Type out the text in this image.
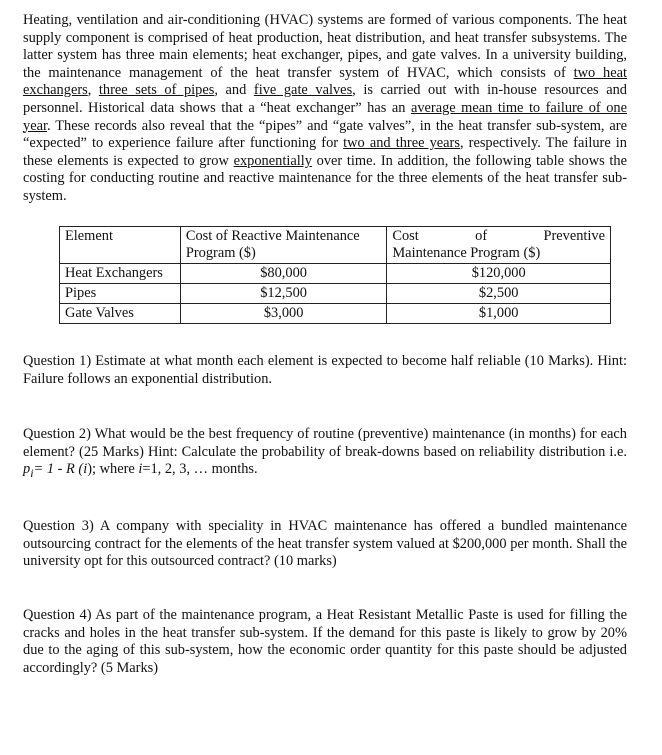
Heating, ventilation and air-conditioning (HVAC) systems are formed of various components. The heat supply component is comprised of heat production, heat distribution, and heat transfer subsystems. The latter system has three main elements; heat exchanger, pipes, and gate valves. In a university building, the maintenance management of the heat transfer system of HVAC, which consists of two heat exchangers, three sets of pipes, and five gate valves, is carried out with in-house resources and personnel. Historical data shows that a “heat exchanger” has an average mean time to failure of one year. These records also reveal that the “pipes” and “gate valves”, in the heat transfer sub-system, are “expected” to experience failure after functioning for two and three years, respectively. The failure in these elements is expected to grow exponentially over time. In addition, the following table shows the costing for conducting routine and reactive maintenance for the three elements of the heat transfer sub-system.

Element	Cost of Reactive Maintenance Program ($)	Cost of Preventive
Maintenance Program ($)

Heat Exchangers	$80,000	$120,000
Pipes	$12,500	$2,500
Gate Valves	$3,000	$1,000

Question 1) Estimate at what month each element is expected to become half reliable (10 Marks). Hint: Failure follows an exponential distribution.

Question 2) What would be the best frequency of routine (preventive) maintenance (in months) for each element? (25 Marks) Hint: Calculate the probability of break-downs based on reliability distribution i.e. $p_i= 1 - R$ (i); where i=1, 2, 3, … months.

Question 3) A company with speciality in HVAC maintenance has offered a bundled maintenance outsourcing contract for the elements of the heat transfer system valued at $200,000 per month. Shall the university opt for this outsourced contract? (10 marks)

Question 4) As part of the maintenance program, a Heat Resistant Metallic Paste is used for filling the cracks and holes in the heat transfer sub-system. If the demand for this paste is likely to grow by 20% due to the aging of this sub-system, how the economic order quantity for this paste should be adjusted accordingly? (5 Marks)
